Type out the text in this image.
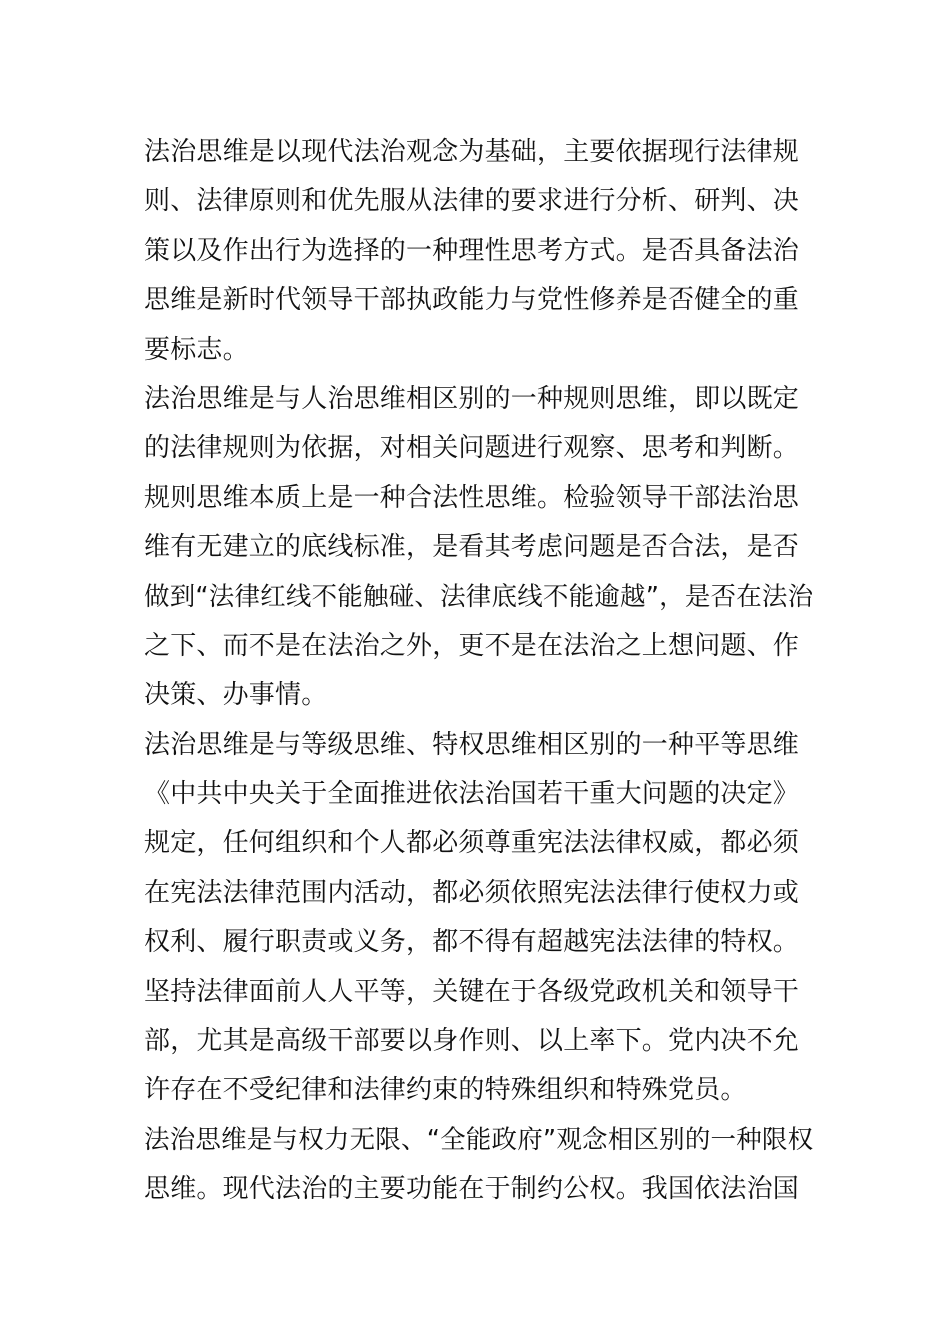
法治思维是以现代法治观念为基础，主要依据现行法律规
则、法律原则和优先服从法律的要求进行分析、研判、决
策以及作出行为选择的一种理性思考方式。是否具备法治
思维是新时代领导干部执政能力与党性修养是否健全的重
要标志。
法治思维是与人治思维相区别的一种规则思维，即以既定
的法律规则为依据，对相关问题进行观察、思考和判断。
规则思维本质上是一种合法性思维。检验领导干部法治思
维有无建立的底线标准，是看其考虑问题是否合法，是否
做到“法律红线不能触碰、法律底线不能逾越”，是否在法治
之下、而不是在法治之外，更不是在法治之上想问题、作
决策、办事情。
法治思维是与等级思维、特权思维相区别的一种平等思维
《中共中央关于全面推进依法治国若干重大问题的决定》
规定，任何组织和个人都必须尊重宪法法律权威，都必须
在宪法法律范围内活动，都必须依照宪法法律行使权力或
权利、履行职责或义务，都不得有超越宪法法律的特权。
坚持法律面前人人平等，关键在于各级党政机关和领导干
部，尤其是高级干部要以身作则、以上率下。党内决不允
许存在不受纪律和法律约束的特殊组织和特殊党员。
法治思维是与权力无限、“全能政府”观念相区别的一种限权
思维。现代法治的主要功能在于制约公权。我国依法治国
